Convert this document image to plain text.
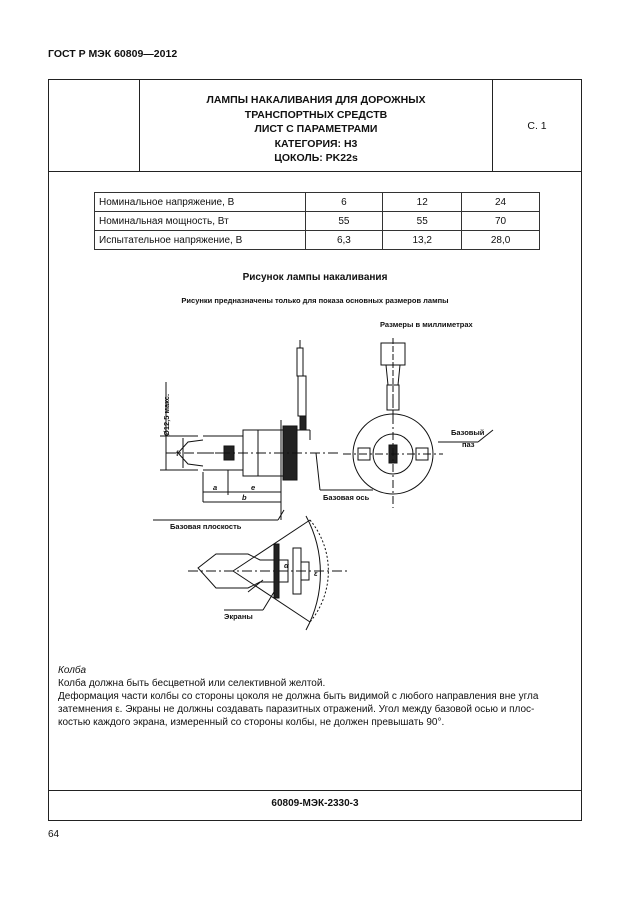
ГОСТ Р МЭК 60809—2012
ЛАМПЫ НАКАЛИВАНИЯ ДЛЯ ДОРОЖНЫХ
ТРАНСПОРТНЫХ СРЕДСТВ
ЛИСТ С ПАРАМЕТРАМИ
КАТЕГОРИЯ: H3
ЦОКОЛЬ: PK22s
С. 1
Номинальное напряжение, В	6	12	24
Номинальная мощность, Вт	55	55	70
Испытательное напряжение, В	6,3	13,2	28,0
Рисунок лампы накаливания
Рисунки предназначены только для показа основных размеров лампы
Размеры в миллиметрах
Ø12,5 макс.
f
a	e
b	Базовая ось
Базовая плоскость
Базовый
паз
Экраны
α
ε
Колба
Колба должна быть бесцветной или селективной желтой.
Деформация части колбы со стороны цоколя не должна быть видимой с любого направления вне угла
затемнения ε. Экраны не должны создавать паразитных отражений. Угол между базовой осью и плос-
костью каждого экрана, измеренный со стороны колбы, не должен превышать 90°.
60809-МЭК-2330-3
64
